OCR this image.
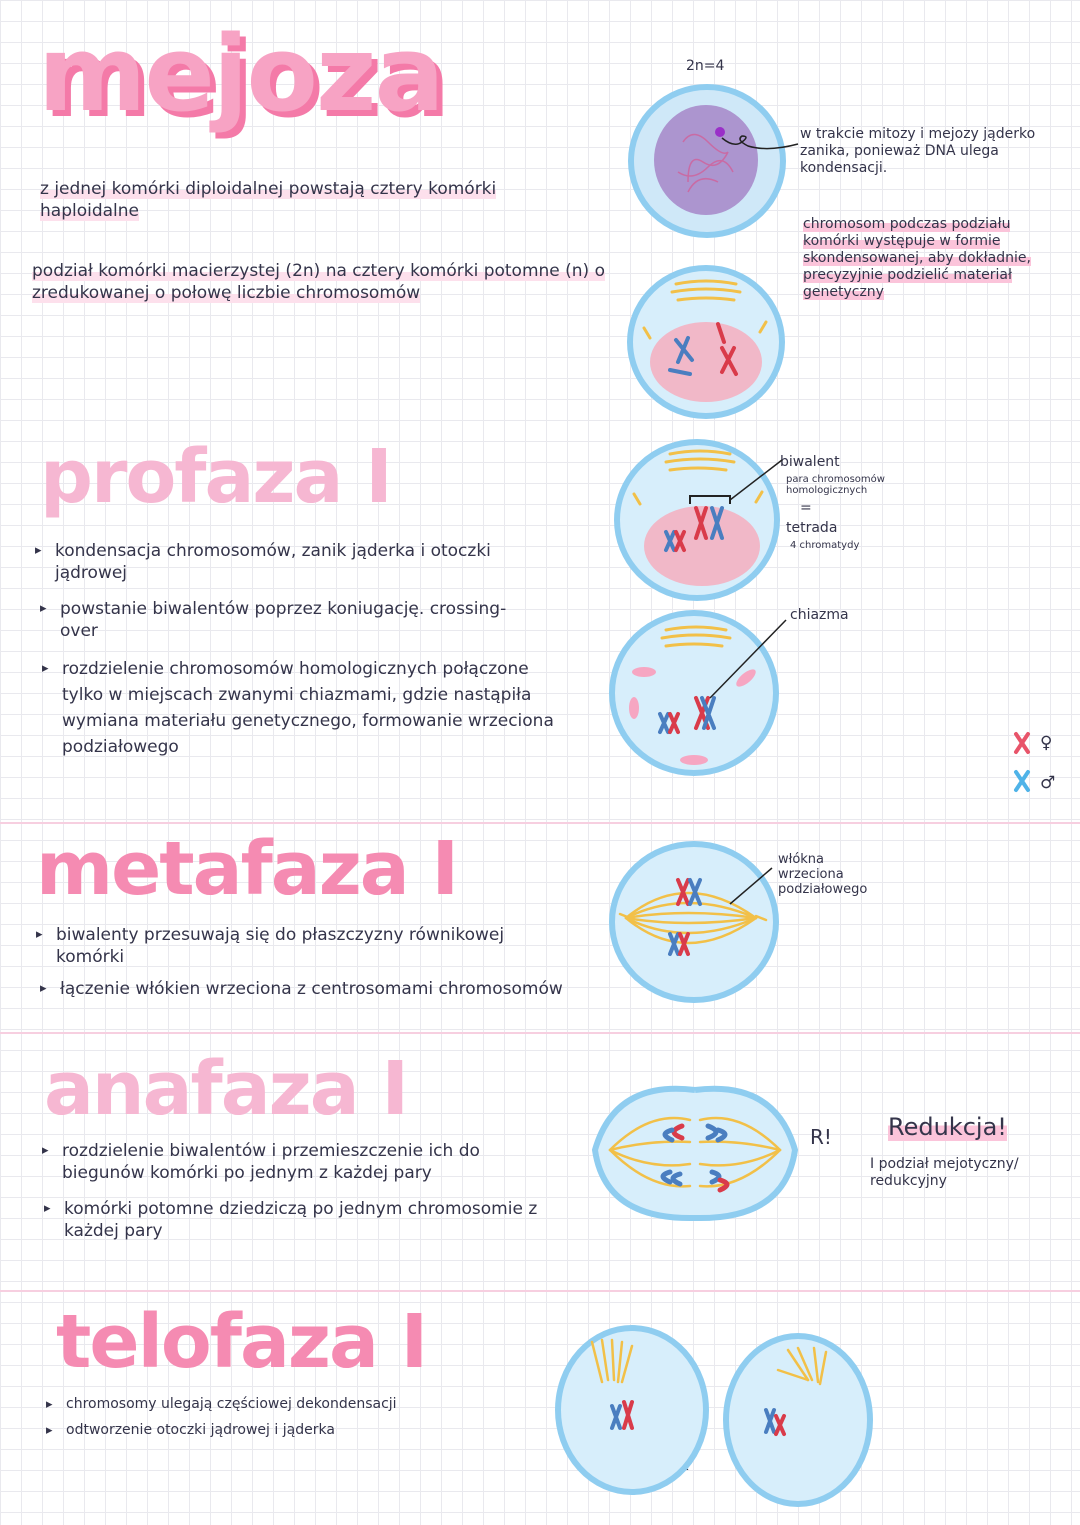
mejoza
profaza I
metafaza I
anafaza I
telofaza I
z jednej komórki diploidalnej powstają cztery komórki haploidalne
podział komórki macierzystej (2n) na cztery komórki potomne (n) o zredukowanej o połowę liczbie chromosomów
▸ kondensacja chromosomów, zanik jąderka i otoczki jądrowej
▸ powstanie biwalentów poprzez koniugację. crossing-over
▸ rozdzielenie chromosomów homologicznych połączone tylko w miejscach zwanymi chiazmami, gdzie nastąpiła wymiana materiału genetycznego, formowanie wrzeciona podziałowego
▸ biwalenty przesuwają się do płaszczyzny równikowej komórki
▸ łączenie włókien wrzeciona z centrosomami chromosomów
▸ rozdzielenie biwalentów i przemieszczenie ich do biegunów komórki po jednym z każdej pary
▸ komórki potomne dziedziczą po jednym chromosomie z każdej pary
▸ chromosomy ulegają częściowej dekondensacji
▸ odtworzenie otoczki jądrowej i jąderka
2n=4
w trakcie mitozy i mejozy jąderko zanika, ponieważ DNA ulega kondensacji.
chromosom podczas podziału komórki występuje w formie skondensowanej, aby dokładnie, precyzyjnie podzielić materiał genetyczny
biwalent
para chromosomów homologicznych
=
tetrada
4 chromatydy
chiazma
włókna wrzeciona podziałowego
R! Redukcja!
I podział mejotyczny/ redukcyjny
♀
♂
